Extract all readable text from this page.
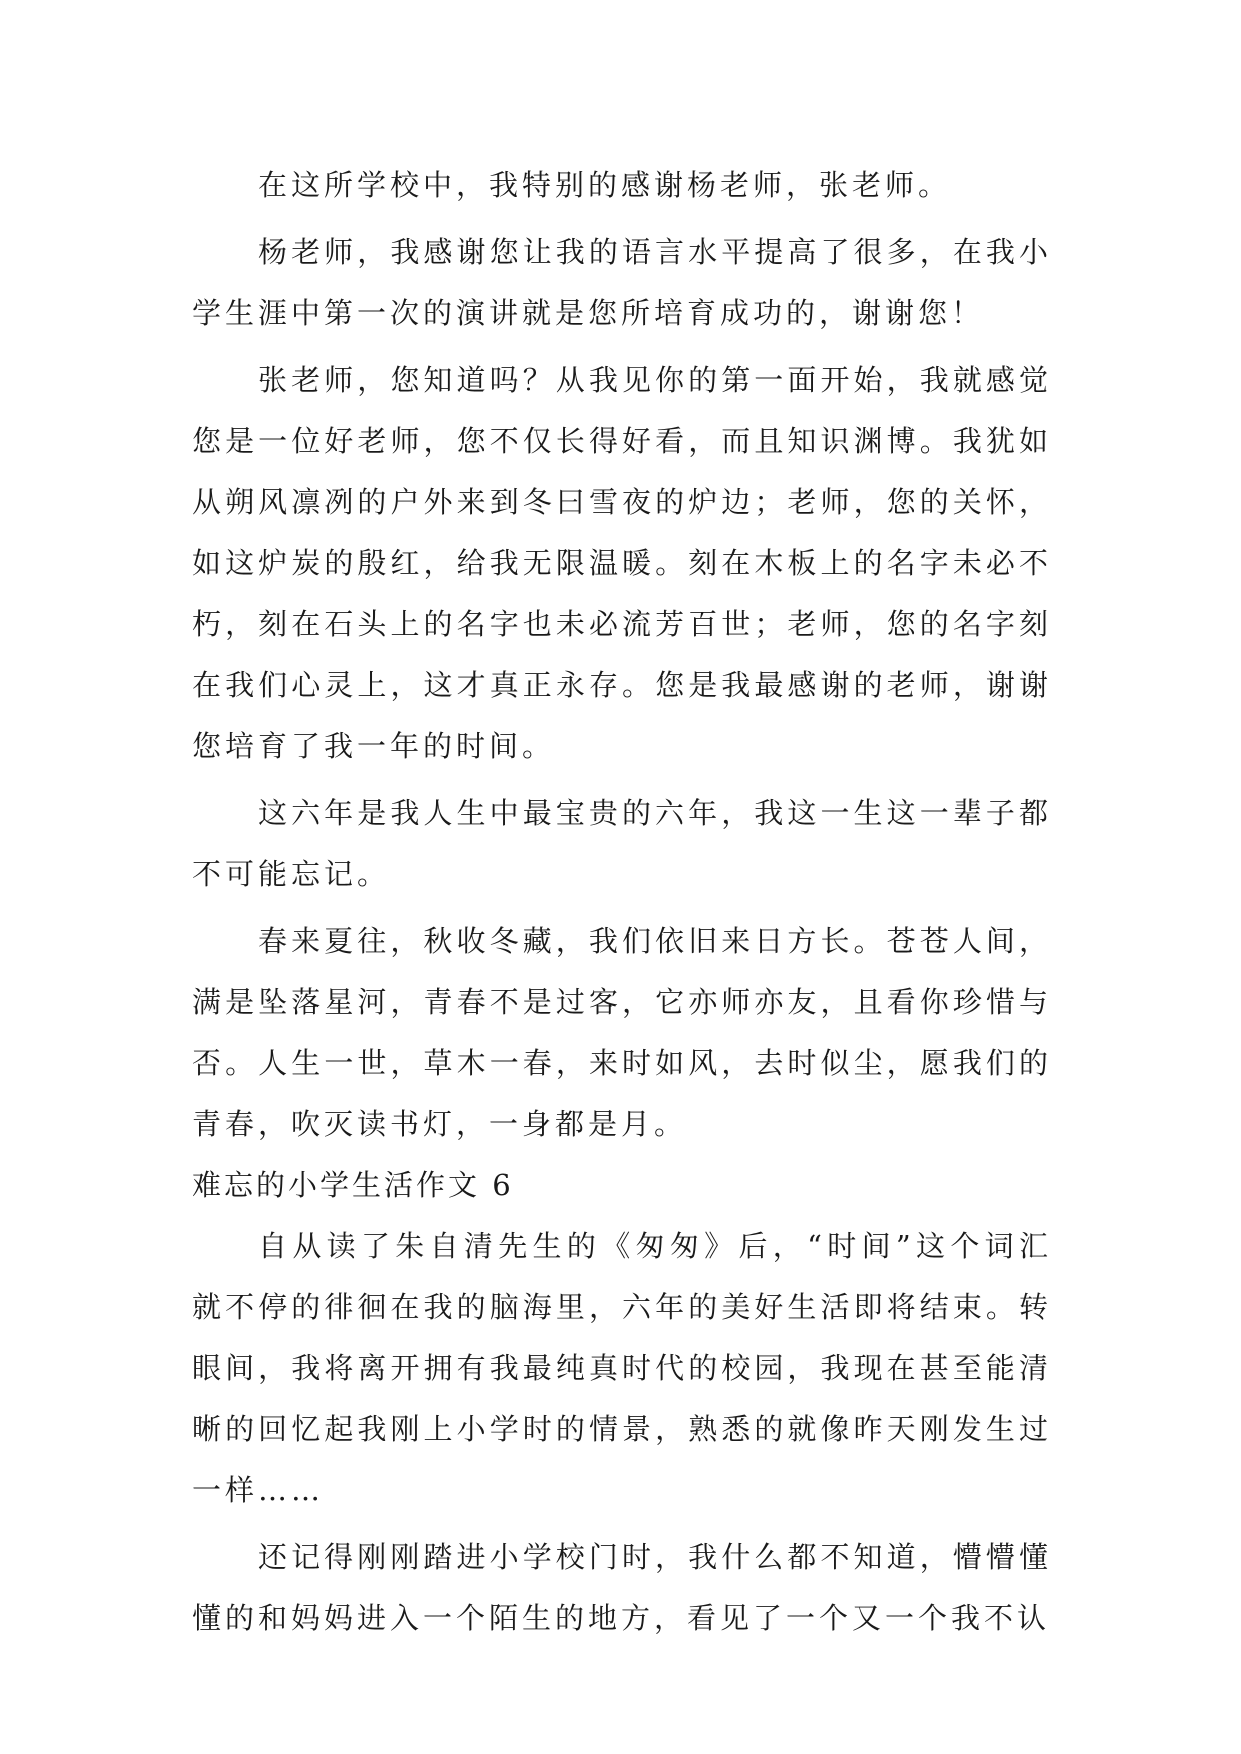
在这所学校中，我特别的感谢杨老师，张老师。

杨老师，我感谢您让我的语言水平提高了很多，在我小学生涯中第一次的演讲就是您所培育成功的，谢谢您！

张老师，您知道吗？从我见你的第一面开始，我就感觉您是一位好老师，您不仅长得好看，而且知识渊博。我犹如从朔风凛冽的户外来到冬曰雪夜的炉边；老师，您的关怀，如这炉炭的殷红，给我无限温暖。刻在木板上的名字未必不朽，刻在石头上的名字也未必流芳百世；老师，您的名字刻在我们心灵上，这才真正永存。您是我最感谢的老师，谢谢您培育了我一年的时间。

这六年是我人生中最宝贵的六年，我这一生这一辈子都不可能忘记。

春来夏往，秋收冬藏，我们依旧来日方长。苍苍人间，满是坠落星河，青春不是过客，它亦师亦友，且看你珍惜与否。人生一世，草木一春，来时如风，去时似尘，愿我们的青春，吹灭读书灯，一身都是月。

难忘的小学生活作文 6

自从读了朱自清先生的《匆匆》后，“时间”这个词汇就不停的徘徊在我的脑海里，六年的美好生活即将结束。转眼间，我将离开拥有我最纯真时代的校园，我现在甚至能清晰的回忆起我刚上小学时的情景，熟悉的就像昨天刚发生过一样……

还记得刚刚踏进小学校门时，我什么都不知道，懵懵懂懂的和妈妈进入一个陌生的地方，看见了一个又一个我不认
